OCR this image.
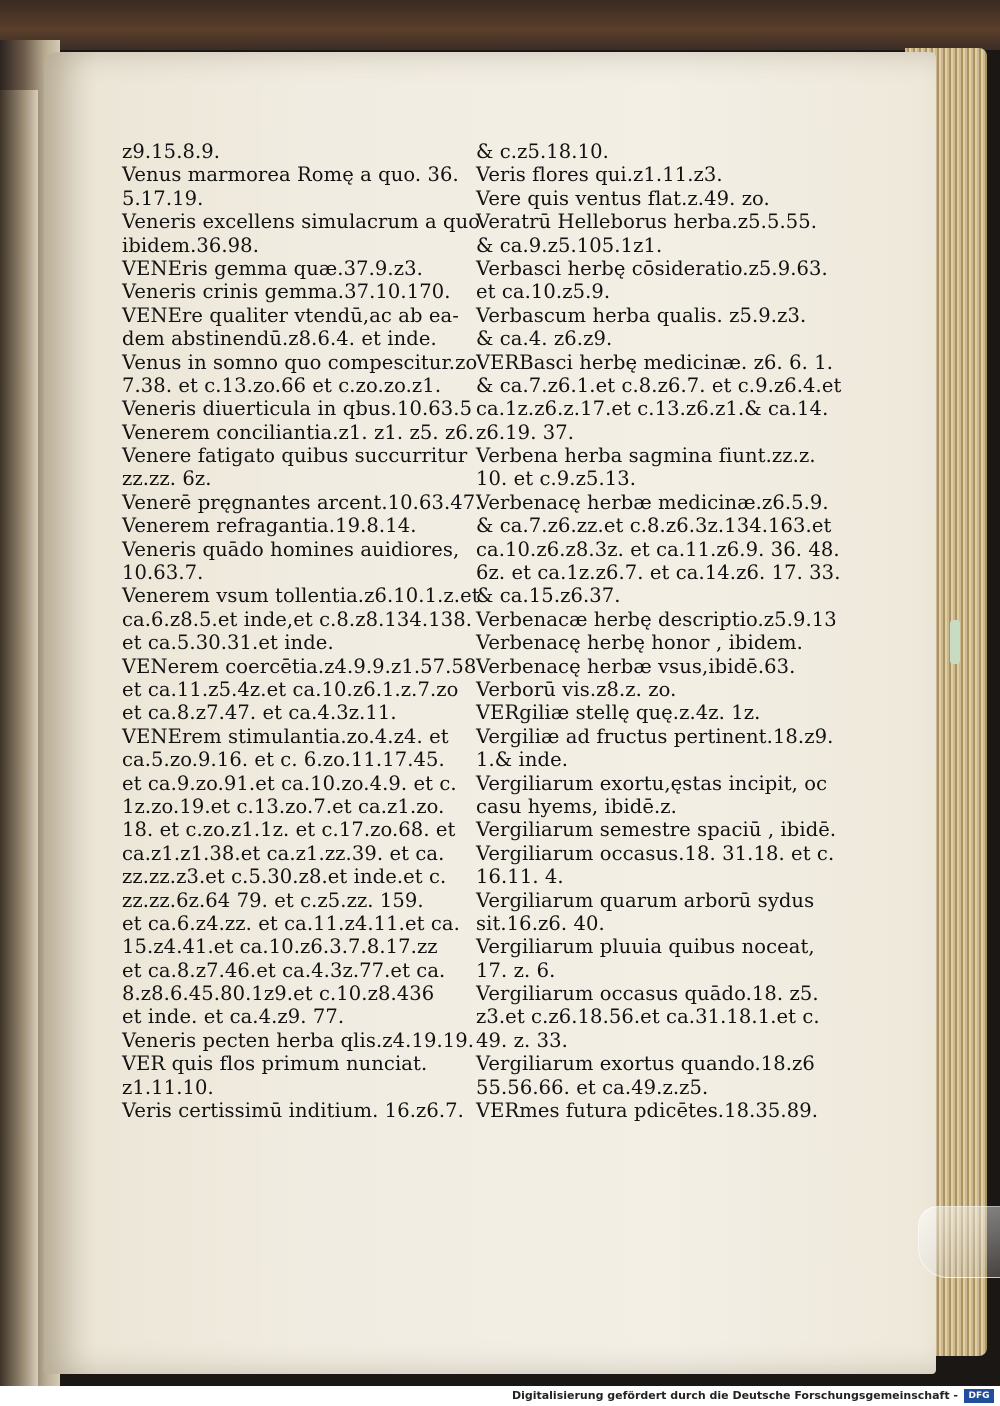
z9.15.8.9.
Venus marmorea Romę a quo. 36.
5.17.19.
Veneris excellens simulacrum a quo
ibidem.36.98.
VENEris gemma quæ.37.9.z3.
Veneris crinis gemma.37.10.170.
VENEre qualiter vtendū,ac ab ea-
dem abstinendū.z8.6.4. et inde.
Venus in somno quo compescitur.zo
7.38. et c.13.zo.66 et c.zo.zo.z1.
Veneris diuerticula in qbus.10.63.5
Venerem conciliantia.z1. z1. z5. z6.
Venere fatigato quibus succurritur
zz.zz. 6z.
Venerē pręgnantes arcent.10.63.47.
Venerem refragantia.19.8.14.
Veneris quādo homines auidiores,
10.63.7.
Venerem vsum tollentia.z6.10.1.z.et
ca.6.z8.5.et inde,et c.8.z8.134.138.
et ca.5.30.31.et inde.
VENerem coercētia.z4.9.9.z1.57.58
et ca.11.z5.4z.et ca.10.z6.1.z.7.zo
et ca.8.z7.47. et ca.4.3z.11.
VENErem stimulantia.zo.4.z4. et
ca.5.zo.9.16. et c. 6.zo.11.17.45.
et ca.9.zo.91.et ca.10.zo.4.9. et c.
1z.zo.19.et c.13.zo.7.et ca.z1.zo.
18. et c.zo.z1.1z. et c.17.zo.68. et
ca.z1.z1.38.et ca.z1.zz.39. et ca.
zz.zz.z3.et c.5.30.z8.et inde.et c.
zz.zz.6z.64 79. et c.z5.zz. 159.
et ca.6.z4.zz. et ca.11.z4.11.et ca.
15.z4.41.et ca.10.z6.3.7.8.17.zz
et ca.8.z7.46.et ca.4.3z.77.et ca.
8.z8.6.45.80.1z9.et c.10.z8.436
et inde. et ca.4.z9. 77.
Veneris pecten herba qlis.z4.19.19.
VER quis flos primum nunciat.
z1.11.10.
Veris certissimū inditium. 16.z6.7.
& c.z5.18.10.
Veris flores qui.z1.11.z3.
Vere quis ventus flat.z.49. zo.
Veratrū Helleborus herba.z5.5.55.
& ca.9.z5.105.1z1.
Verbasci herbę cōsideratio.z5.9.63.
et ca.10.z5.9.
Verbascum herba qualis. z5.9.z3.
& ca.4. z6.z9.
VERBasci herbę medicinæ. z6. 6. 1.
& ca.7.z6.1.et c.8.z6.7. et c.9.z6.4.et
ca.1z.z6.z.17.et c.13.z6.z1.& ca.14.
z6.19. 37.
Verbena herba sagmina fiunt.zz.z.
10. et c.9.z5.13.
Verbenacę herbæ medicinæ.z6.5.9.
& ca.7.z6.zz.et c.8.z6.3z.134.163.et
ca.10.z6.z8.3z. et ca.11.z6.9. 36. 48.
6z. et ca.1z.z6.7. et ca.14.z6. 17. 33.
& ca.15.z6.37.
Verbenacæ herbę descriptio.z5.9.13
Verbenacę herbę honor , ibidem.
Verbenacę herbæ vsus,ibidē.63.
Verborū vis.z8.z. zo.
VERgiliæ stellę quę.z.4z. 1z.
Vergiliæ ad fructus pertinent.18.z9.
1.& inde.
Vergiliarum exortu,ęstas incipit, oc
casu hyems, ibidē.z.
Vergiliarum semestre spaciū , ibidē.
Vergiliarum occasus.18. 31.18. et c.
16.11. 4.
Vergiliarum quarum arborū sydus
sit.16.z6. 40.
Vergiliarum pluuia quibus noceat,
17. z. 6.
Vergiliarum occasus quādo.18. z5.
z3.et c.z6.18.56.et ca.31.18.1.et c.
49. z. 33.
Vergiliarum exortus quando.18.z6
55.56.66. et ca.49.z.z5.
VERmes futura pdicētes.18.35.89.
Digitalisierung gefördert durch die Deutsche Forschungsgemeinschaft -	DFG
